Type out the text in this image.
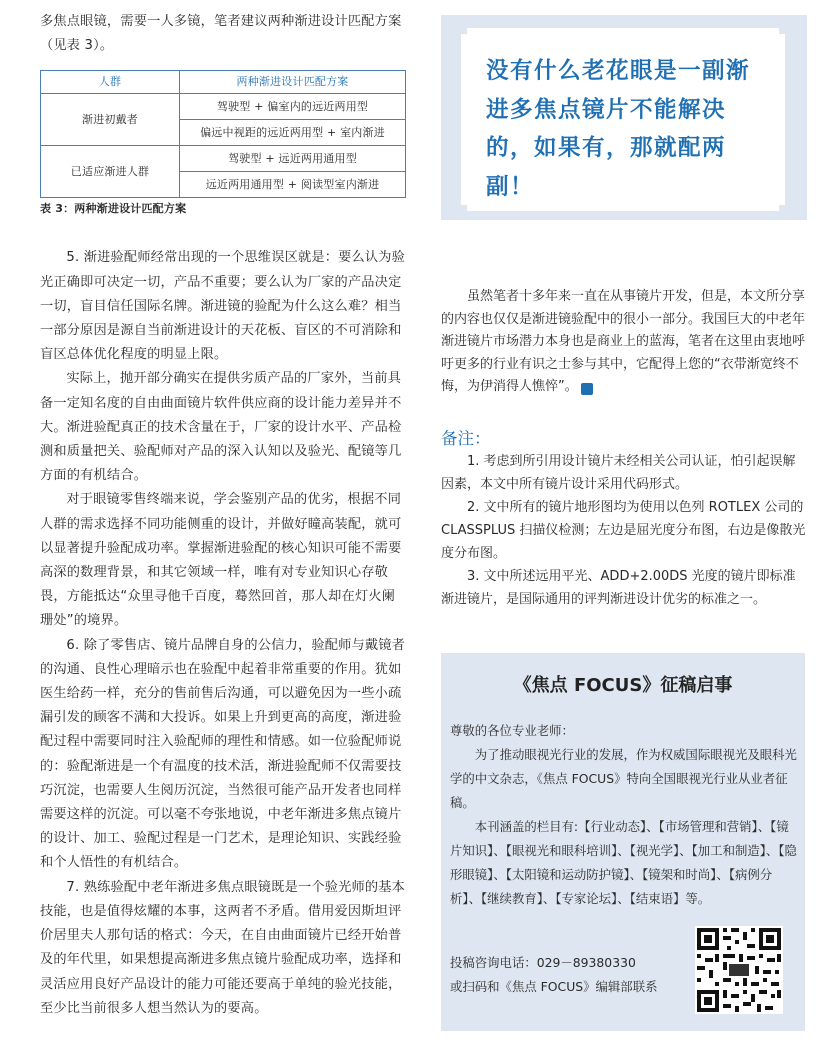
多焦点眼镜，需要一人多镜，笔者建议两种渐进设计匹配方案（见表 3）。

人群	两种渐进设计匹配方案
渐进初戴者	驾驶型 + 偏室内的远近两用型
	偏远中视距的远近两用型 + 室内渐进
已适应渐进人群	驾驶型 + 远近两用通用型
	远近两用通用型 + 阅读型室内渐进
表 3：两种渐进设计匹配方案

5. 渐进验配师经常出现的一个思维误区就是：要么认为验光正确即可决定一切，产品不重要；要么认为厂家的产品决定一切，盲目信任国际名牌。渐进镜的验配为什么这么难？相当一部分原因是源自当前渐进设计的天花板、盲区的不可消除和盲区总体优化程度的明显上限。

实际上，抛开部分确实在提供劣质产品的厂家外，当前具备一定知名度的自由曲面镜片软件供应商的设计能力差异并不大。渐进验配真正的技术含量在于，厂家的设计水平、产品检测和质量把关、验配师对产品的深入认知以及验光、配镜等几方面的有机结合。

对于眼镜零售终端来说，学会鉴别产品的优劣，根据不同人群的需求选择不同功能侧重的设计，并做好瞳高装配，就可以显著提升验配成功率。掌握渐进验配的核心知识可能不需要高深的数理背景，和其它领域一样，唯有对专业知识心存敬畏，方能抵达“众里寻他千百度，蓦然回首，那人却在灯火阑珊处”的境界。

6. 除了零售店、镜片品牌自身的公信力，验配师与戴镜者的沟通、良性心理暗示也在验配中起着非常重要的作用。犹如医生给药一样，充分的售前售后沟通，可以避免因为一些小疏漏引发的顾客不满和大投诉。如果上升到更高的高度，渐进验配过程中需要同时注入验配师的理性和情感。如一位验配师说的：验配渐进是一个有温度的技术活，渐进验配师不仅需要技巧沉淀，也需要人生阅历沉淀，当然很可能产品开发者也同样需要这样的沉淀。可以毫不夸张地说，中老年渐进多焦点镜片的设计、加工、验配过程是一门艺术，是理论知识、实践经验和个人悟性的有机结合。

7. 熟练验配中老年渐进多焦点眼镜既是一个验光师的基本技能，也是值得炫耀的本事，这两者不矛盾。借用爱因斯坦评价居里夫人那句话的格式：今天，在自由曲面镜片已经开始普及的年代里，如果想提高渐进多焦点镜片验配成功率，选择和灵活应用良好产品设计的能力可能还要高于单纯的验光技能，至少比当前很多人想当然认为的要高。

没有什么老花眼是一副渐进多焦点镜片不能解决的，如果有，那就配两副！

虽然笔者十多年来一直在从事镜片开发，但是，本文所分享的内容也仅仅是渐进镜验配中的很小一部分。我国巨大的中老年渐进镜片市场潜力本身也是商业上的蓝海，笔者在这里由衷地呼吁更多的行业有识之士参与其中，它配得上您的“衣带渐宽终不悔，为伊消得人憔悴”。	↗

备注：

1. 考虑到所引用设计镜片未经相关公司认证，怕引起误解因素，本文中所有镜片设计采用代码形式。

2. 文中所有的镜片地形图均为使用以色列 ROTLEX 公司的 CLASSPLUS 扫描仪检测；左边是屈光度分布图，右边是像散光度分布图。

3. 文中所述远用平光、ADD+2.00DS 光度的镜片即标准渐进镜片，是国际通用的评判渐进设计优劣的标准之一。

《焦点 FOCUS》征稿启事

尊敬的各位专业老师：

为了推动眼视光行业的发展，作为权威国际眼视光及眼科光学的中文杂志，《焦点 FOCUS》特向全国眼视光行业从业者征稿。

本刊涵盖的栏目有:【行业动态】、【市场管理和营销】、【镜片知识】、【眼视光和眼科培训】、【视光学】、【加工和制造】、【隐形眼镜】、【太阳镜和运动防护镜】、【镜架和时尚】、【病例分析】、【继续教育】、【专家论坛】、【结束语】等。

投稿咨询电话：029－89380330

或扫码和《焦点 FOCUS》编辑部联系
